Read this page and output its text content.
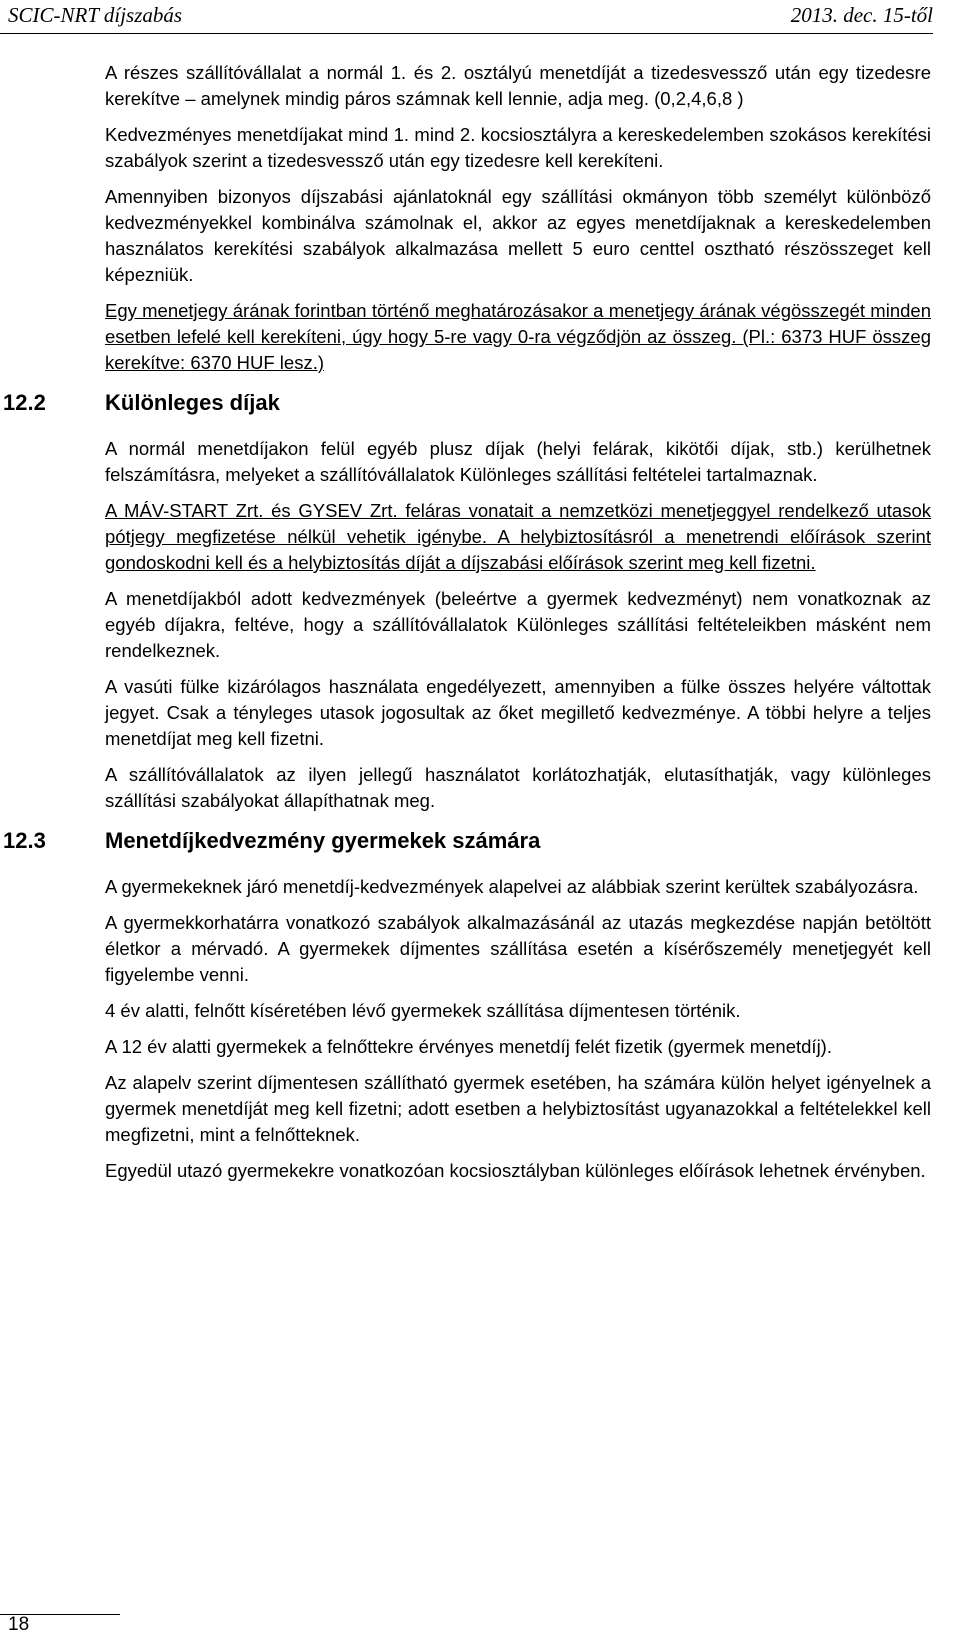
SCIC-NRT díjszabás	2013. dec. 15-től

A részes szállítóvállalat a normál 1. és 2. osztályú menetdíját a tizedesvessző után egy tizedesre kerekítve – amelynek mindig páros számnak kell lennie, adja meg. (0,2,4,6,8 )

Kedvezményes menetdíjakat mind 1. mind 2. kocsiosztályra a kereskedelemben szokásos kerekítési szabályok szerint a tizedesvessző után egy tizedesre kell kerekíteni.

Amennyiben bizonyos díjszabási ajánlatoknál egy szállítási okmányon több személyt különböző kedvezményekkel kombinálva számolnak el, akkor az egyes menetdíjaknak a kereskedelemben használatos kerekítési szabályok alkalmazása mellett 5 euro centtel osztható részösszeget kell képezniük.

Egy menetjegy árának forintban történő meghatározásakor a menetjegy árának végösszegét minden esetben lefelé kell kerekíteni, úgy hogy 5-re vagy 0-ra végződjön az összeg. (Pl.: 6373 HUF összeg kerekítve: 6370 HUF lesz.)

12.2	Különleges díjak

A normál menetdíjakon felül egyéb plusz díjak (helyi felárak, kikötői díjak, stb.) kerülhetnek felszámításra, melyeket a szállítóvállalatok Különleges szállítási feltételei tartalmaznak.

A MÁV-START Zrt. és GYSEV Zrt. feláras vonatait a nemzetközi menetjeggyel rendelkező utasok pótjegy megfizetése nélkül vehetik igénybe. A helybiztosításról a menetrendi előírások szerint gondoskodni kell és a helybiztosítás díját a díjszabási előírások szerint meg kell fizetni.

A menetdíjakból adott kedvezmények (beleértve a gyermek kedvezményt) nem vonatkoznak az egyéb díjakra, feltéve, hogy a szállítóvállalatok Különleges szállítási feltételeikben másként nem rendelkeznek.

A vasúti fülke kizárólagos használata engedélyezett, amennyiben a fülke összes helyére váltottak jegyet. Csak a tényleges utasok jogosultak az őket megillető kedvezménye. A többi helyre a teljes menetdíjat meg kell fizetni.

A szállítóvállalatok az ilyen jellegű használatot korlátozhatják, elutasíthatják, vagy különleges szállítási szabályokat állapíthatnak meg.

12.3	Menetdíjkedvezmény gyermekek számára

A gyermekeknek járó menetdíj-kedvezmények alapelvei az alábbiak szerint kerültek szabályozásra.

A gyermekkorhatárra vonatkozó szabályok alkalmazásánál az utazás megkezdése napján betöltött életkor a mérvadó. A gyermekek díjmentes szállítása esetén a kísérőszemély menetjegyét kell figyelembe venni.

4 év alatti, felnőtt kíséretében lévő gyermekek szállítása díjmentesen történik.

A 12 év alatti gyermekek a felnőttekre érvényes menetdíj felét fizetik (gyermek menetdíj).

Az alapelv szerint díjmentesen szállítható gyermek esetében, ha számára külön helyet igényelnek a gyermek menetdíját meg kell fizetni; adott esetben a helybiztosítást ugyanazokkal a feltételekkel kell megfizetni, mint a felnőtteknek.

Egyedül utazó gyermekekre vonatkozóan kocsiosztályban különleges előírások lehetnek érvényben.

18
